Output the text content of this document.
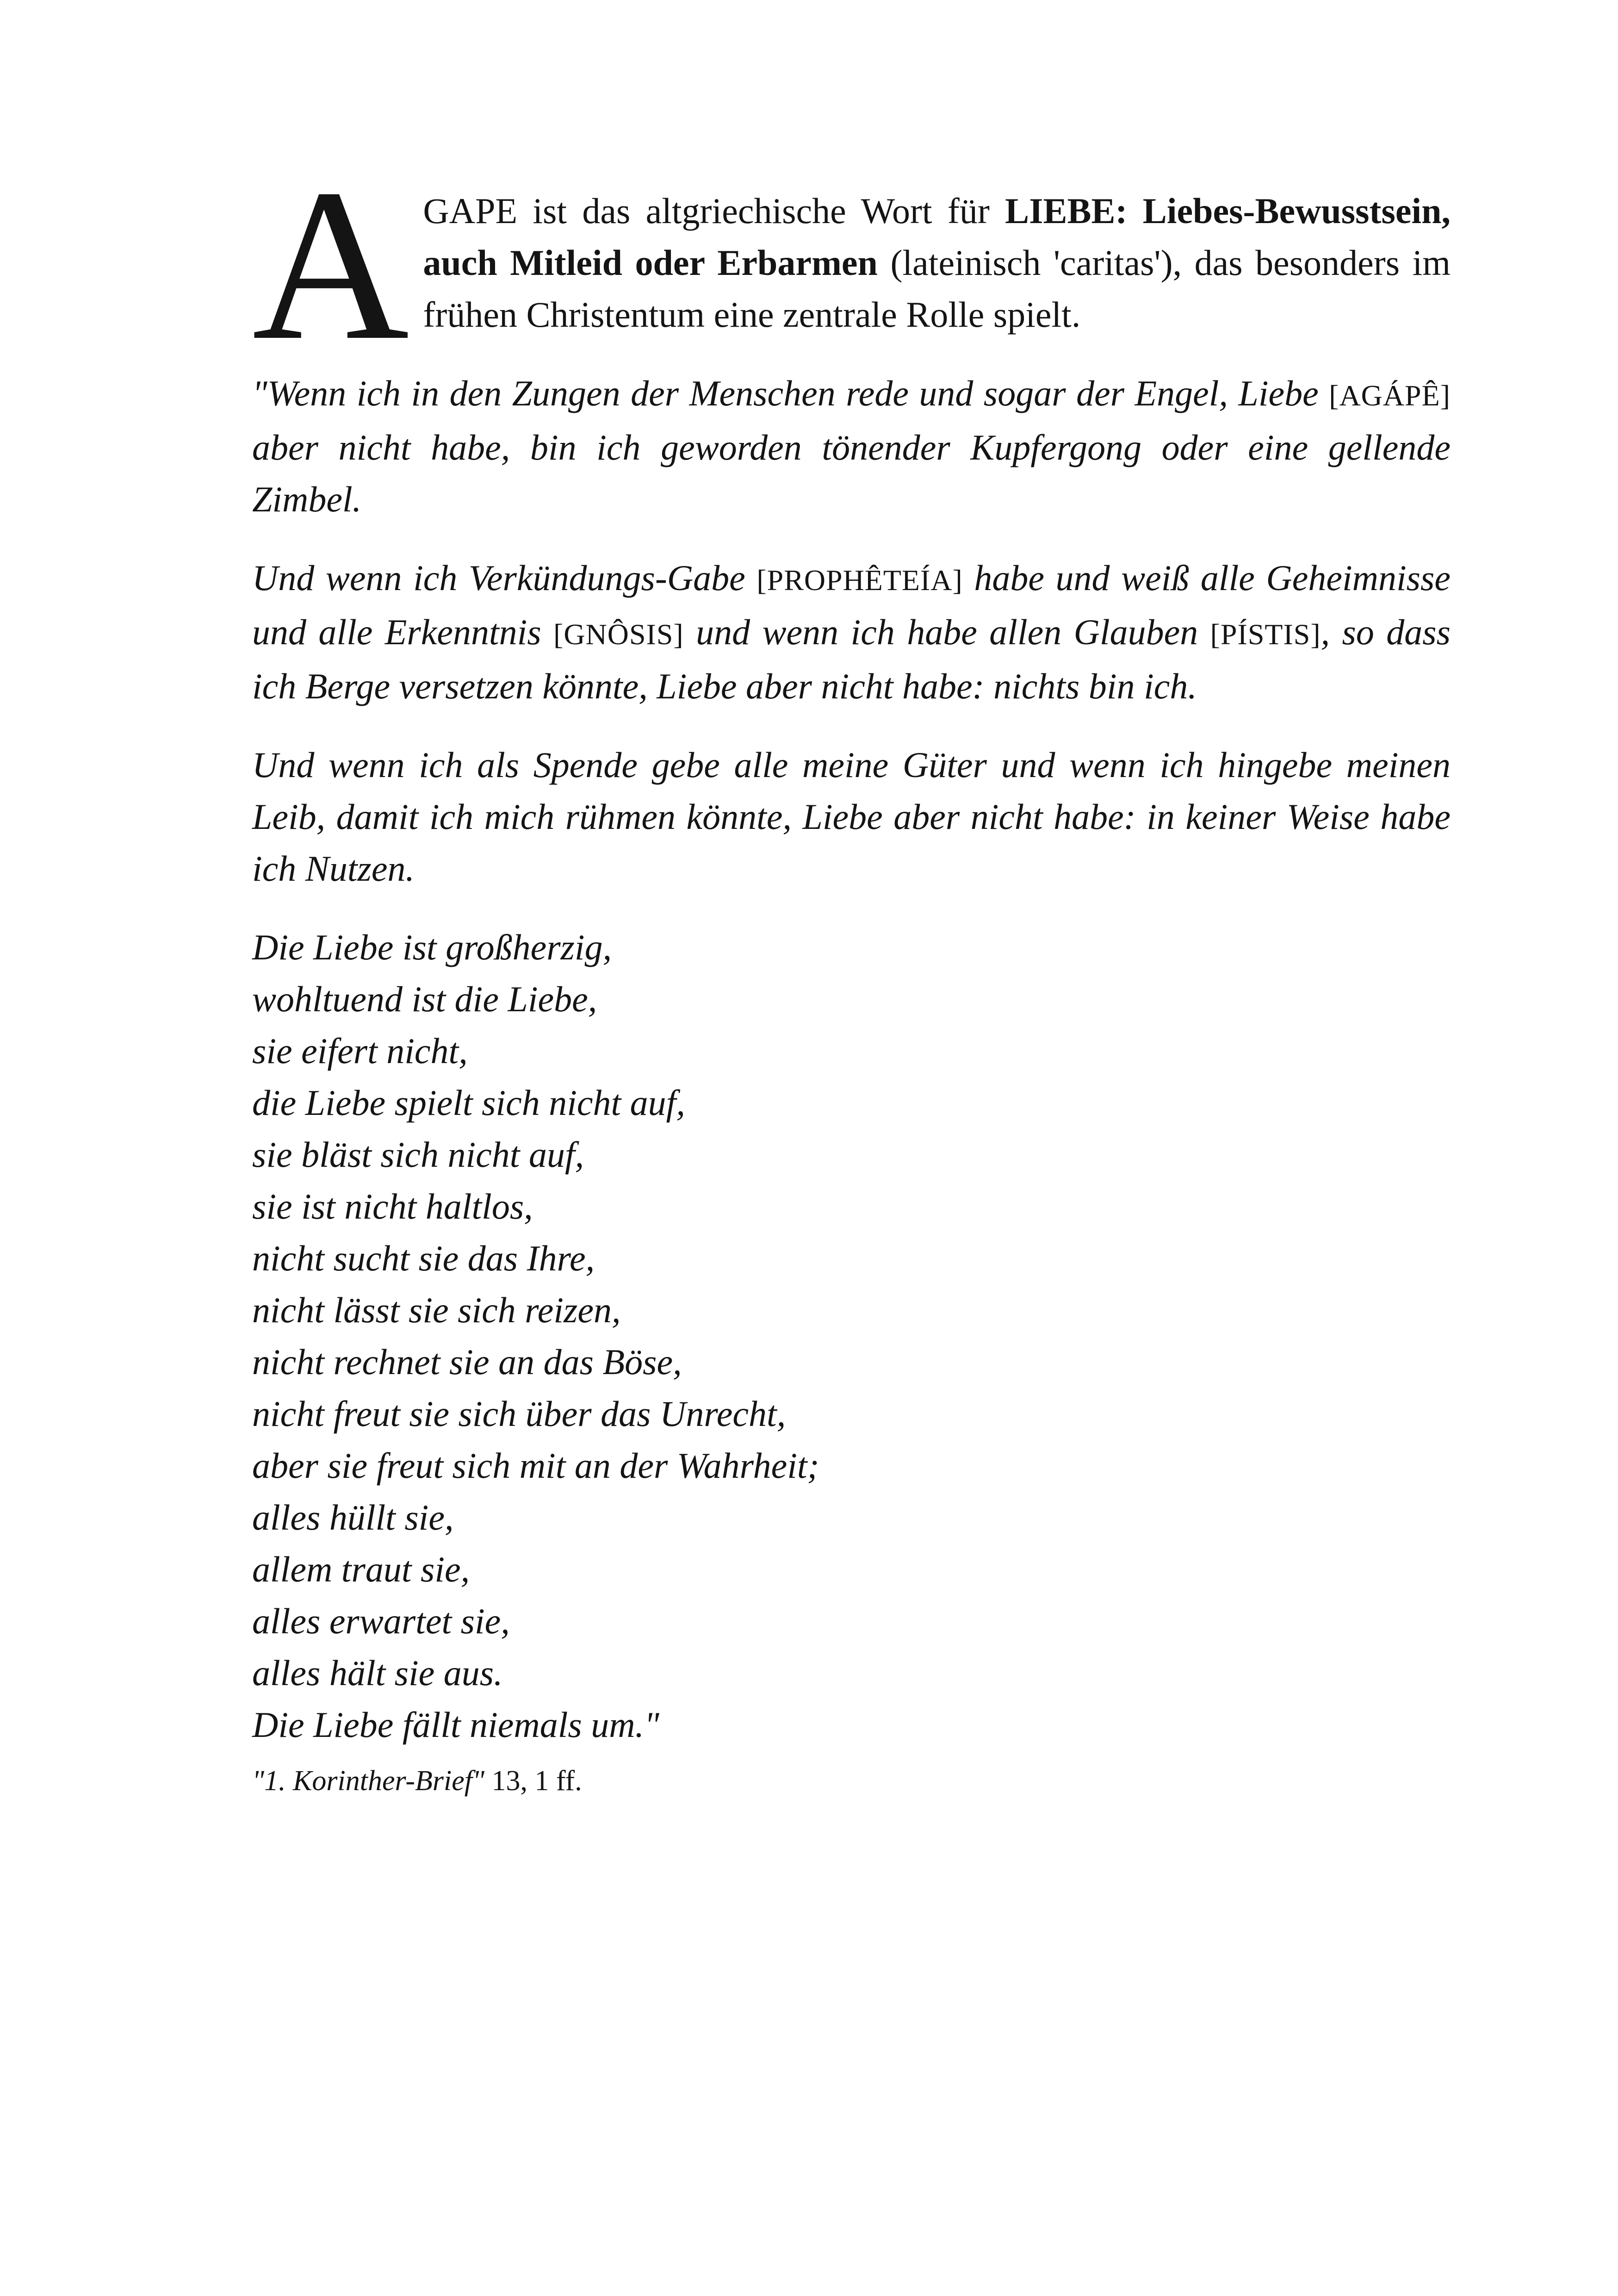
A GAPE ist das altgriechische Wort für LIEBE: Liebes-Bewusstsein, auch Mitleid oder Erbarmen (lateinisch 'caritas'), das besonders im frühen Christentum eine zentrale Rolle spielt.

"Wenn ich in den Zungen der Menschen rede und sogar der Engel, Liebe [AGÁPÊ] aber nicht habe, bin ich geworden tönender Kupfergong oder eine gellende Zimbel.

Und wenn ich Verkündungs-Gabe [PROPHÊTEÍA] habe und weiß alle Geheimnisse und alle Erkenntnis [GNÔSIS] und wenn ich habe allen Glauben [PÍSTIS], so dass ich Berge versetzen könnte, Liebe aber nicht habe: nichts bin ich.

Und wenn ich als Spende gebe alle meine Güter und wenn ich hingebe meinen Leib, damit ich mich rühmen könnte, Liebe aber nicht habe: in keiner Weise habe ich Nutzen.

Die Liebe ist großherzig,
wohltuend ist die Liebe,
sie eifert nicht,
die Liebe spielt sich nicht auf,
sie bläst sich nicht auf,
sie ist nicht haltlos,
nicht sucht sie das Ihre,
nicht lässt sie sich reizen,
nicht rechnet sie an das Böse,
nicht freut sie sich über das Unrecht,
aber sie freut sich mit an der Wahrheit;
alles hüllt sie,
allem traut sie,
alles erwartet sie,
alles hält sie aus.
Die Liebe fällt niemals um."

"1. Korinther-Brief" 13, 1 ff.
